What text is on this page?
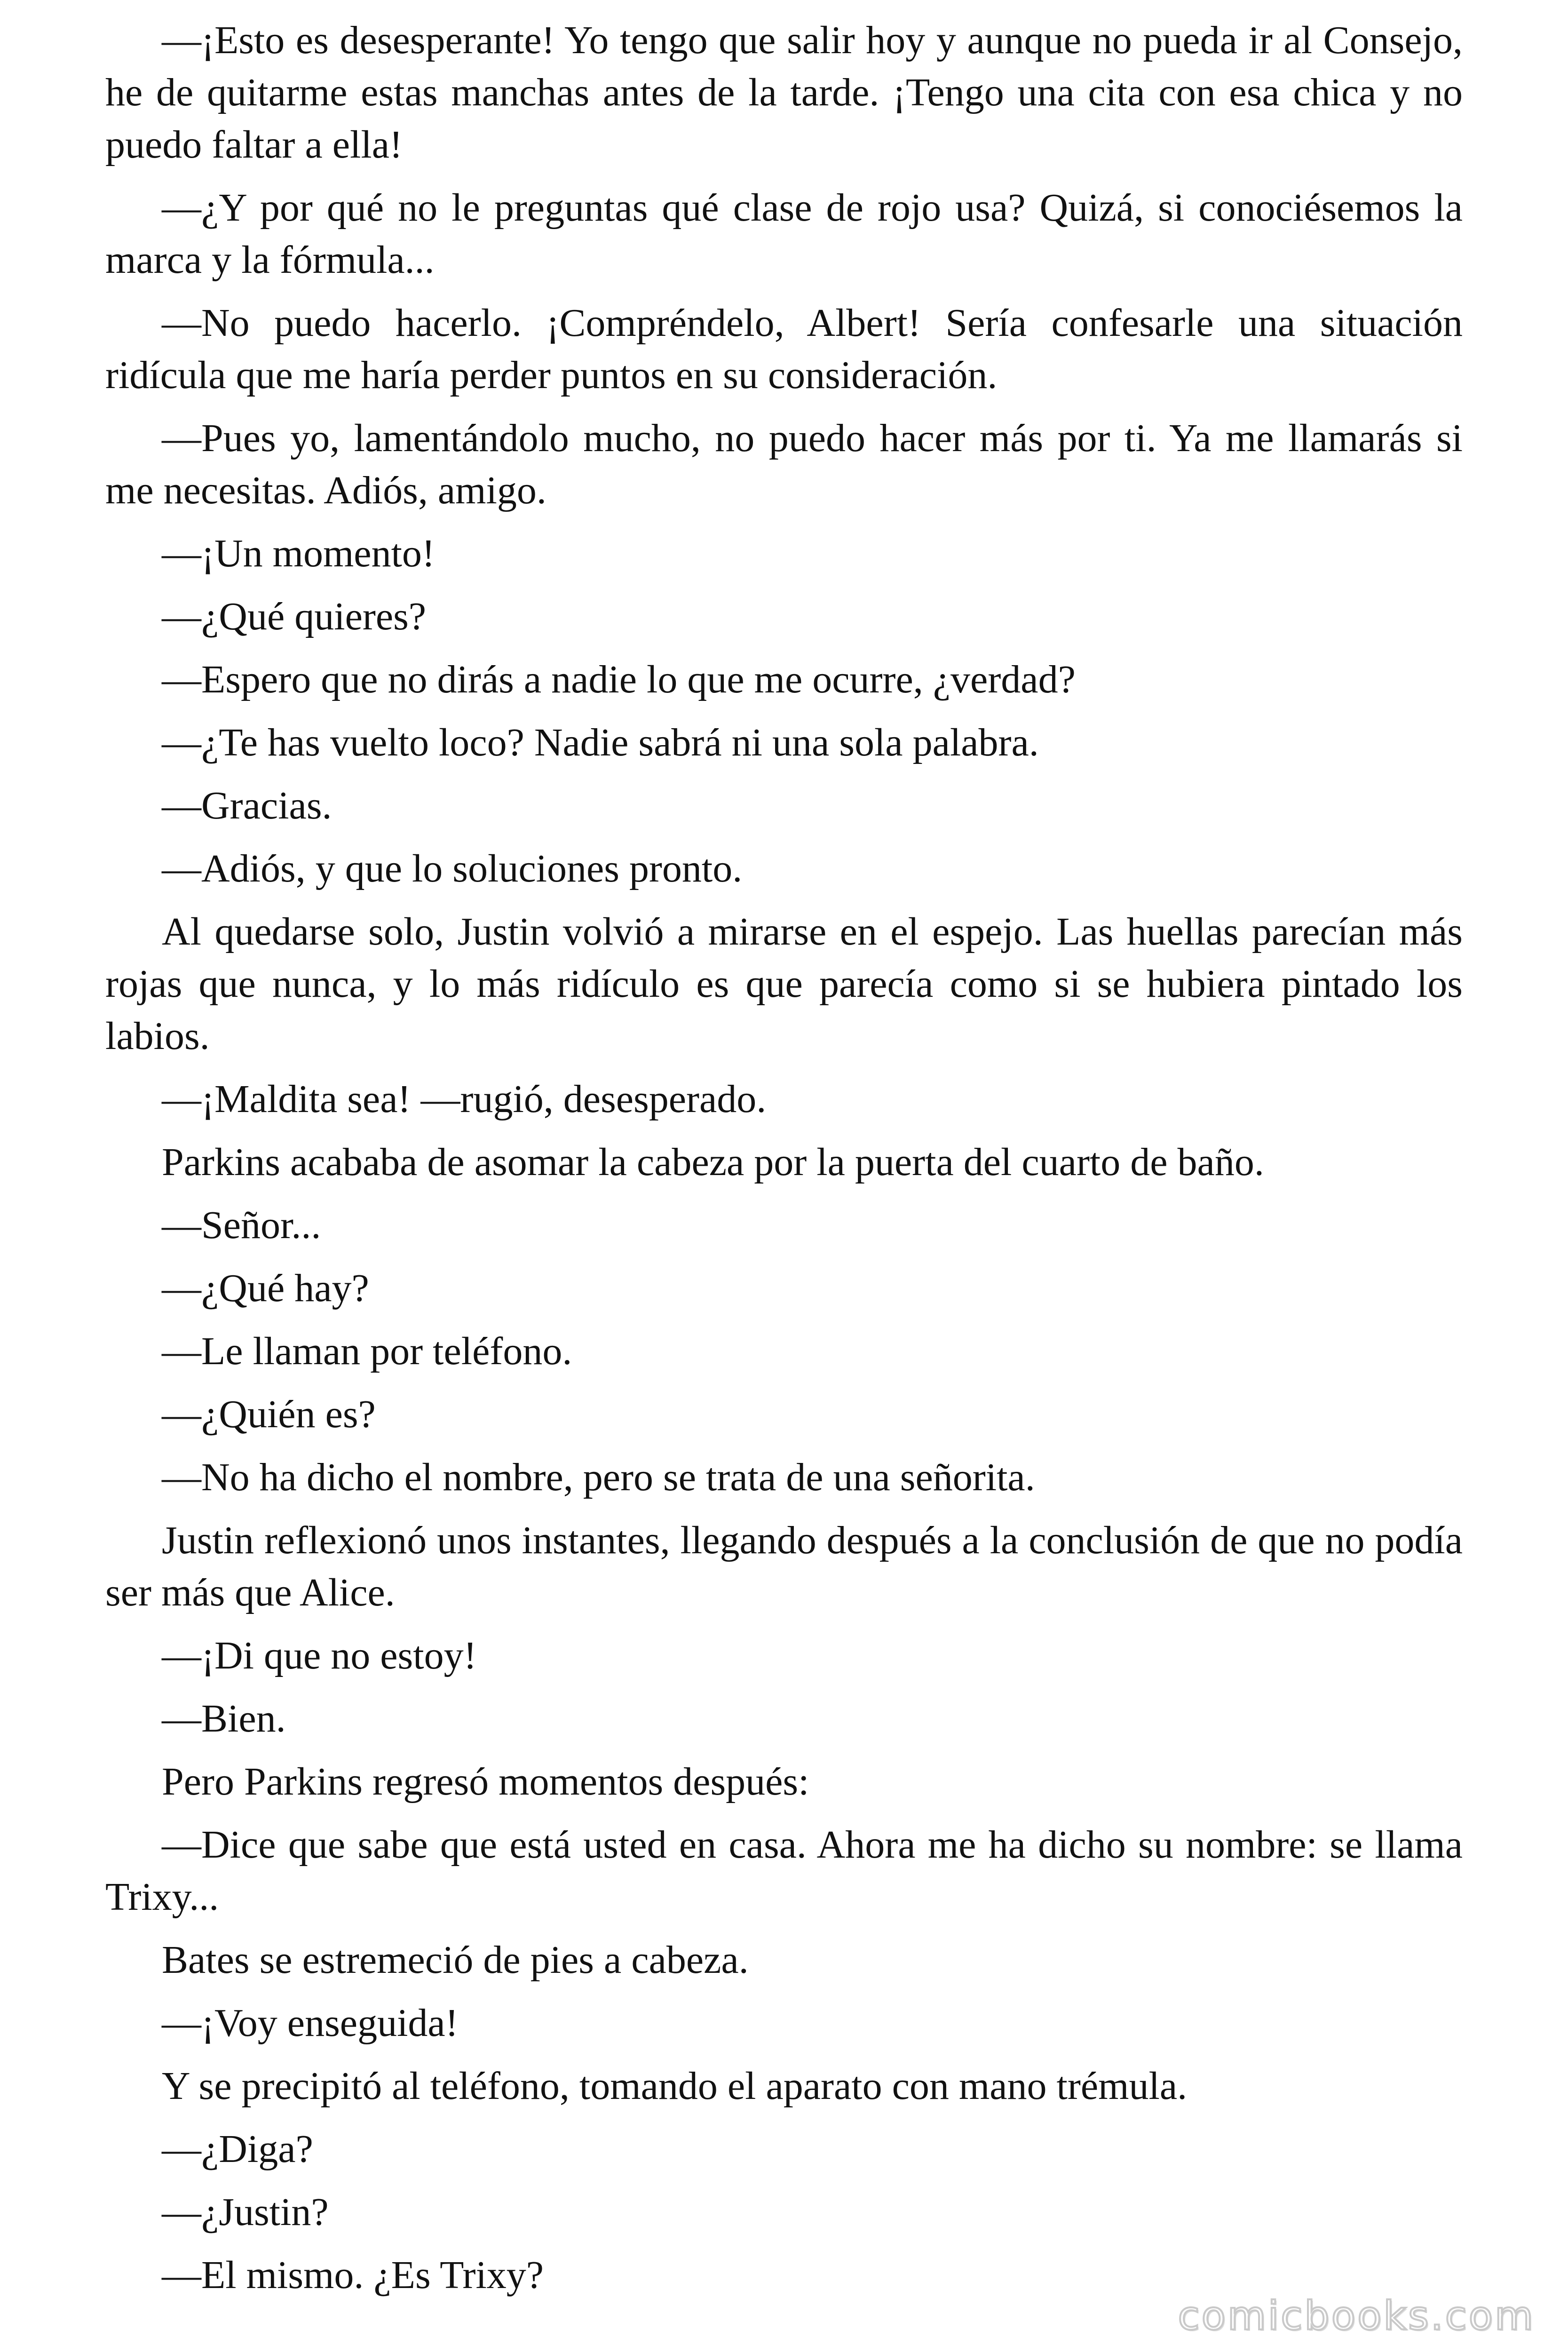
—¡Esto es desesperante! Yo tengo que salir hoy y aunque no pueda ir al Consejo, he de quitarme estas manchas antes de la tarde. ¡Tengo una cita con esa chica y no puedo faltar a ella!

—¿Y por qué no le preguntas qué clase de rojo usa? Quizá, si conociésemos la marca y la fórmula...

—No puedo hacerlo. ¡Compréndelo, Albert! Sería confesarle una situación ridícula que me haría perder puntos en su consideración.

—Pues yo, lamentándolo mucho, no puedo hacer más por ti. Ya me llamarás si me necesitas. Adiós, amigo.

—¡Un momento!

—¿Qué quieres?

—Espero que no dirás a nadie lo que me ocurre, ¿verdad?

—¿Te has vuelto loco? Nadie sabrá ni una sola palabra.

—Gracias.

—Adiós, y que lo soluciones pronto.

Al quedarse solo, Justin volvió a mirarse en el espejo. Las huellas parecían más rojas que nunca, y lo más ridículo es que parecía como si se hubiera pintado los labios.

—¡Maldita sea! —rugió, desesperado.

Parkins acababa de asomar la cabeza por la puerta del cuarto de baño.

—Señor...

—¿Qué hay?

—Le llaman por teléfono.

—¿Quién es?

—No ha dicho el nombre, pero se trata de una señorita.

Justin reflexionó unos instantes, llegando después a la conclusión de que no podía ser más que Alice.

—¡Di que no estoy!

—Bien.

Pero Parkins regresó momentos después:

—Dice que sabe que está usted en casa. Ahora me ha dicho su nombre: se llama Trixy...

Bates se estremeció de pies a cabeza.

—¡Voy enseguida!

Y se precipitó al teléfono, tomando el aparato con mano trémula.

—¿Diga?

—¿Justin?

—El mismo. ¿Es Trixy?

comicbooks.com
